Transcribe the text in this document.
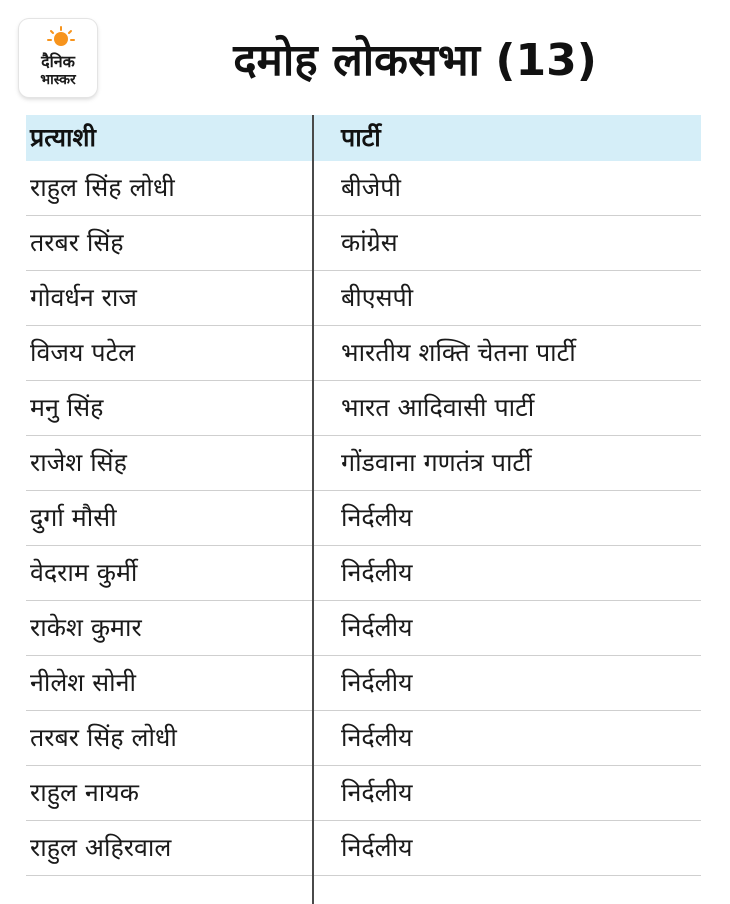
दैनिक
भास्कर	दमोह लोकसभा (13)
प्रत्याशी	पार्टी
राहुल सिंह लोधी	बीजेपी
तरबर सिंह	कांग्रेस
गोवर्धन राज	बीएसपी
विजय पटेल	भारतीय शक्ति चेतना पार्टी
मनु सिंह	भारत आदिवासी पार्टी
राजेश सिंह	गोंडवाना गणतंत्र पार्टी
दुर्गा मौसी	निर्दलीय
वेदराम कुर्मी	निर्दलीय
राकेश कुमार	निर्दलीय
नीलेश सोनी	निर्दलीय
तरबर सिंह लोधी	निर्दलीय
राहुल नायक	निर्दलीय
राहुल अहिरवाल	निर्दलीय
